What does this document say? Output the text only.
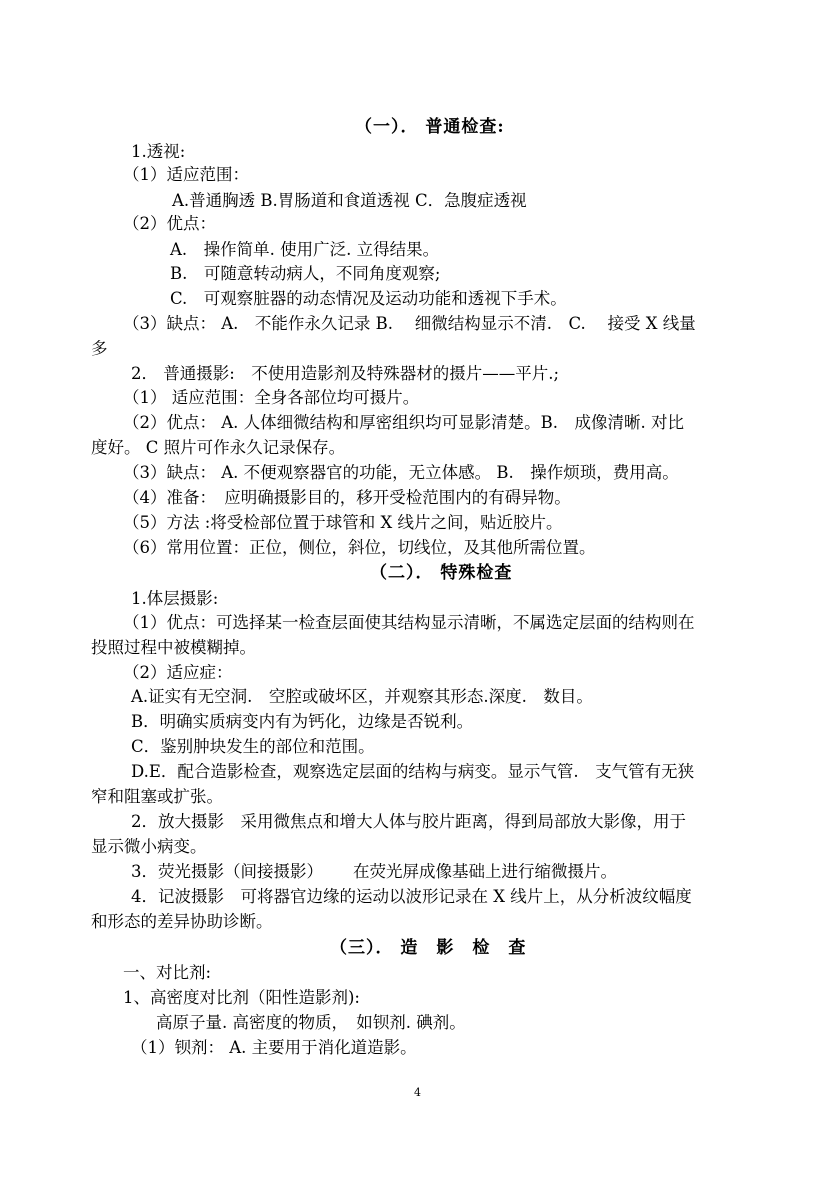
（一）． 普通检查:
1.透视:
（1）适应范围：
A.普通胸透 B.胃肠道和食道透视 C．急腹症透视
（2）优点：
A.　操作简单. 使用广泛. 立得结果。
B.　可随意转动病人，不同角度观察;
C.　可观察脏器的动态情况及运动功能和透视下手术。
（3）缺点： A.　不能作永久记录 B.　 细微结构显示不清.　C.　 接受 X 线量
多
2． 普通摄影:　不使用造影剂及特殊器材的摄片——平片.;
（1） 适应范围：全身各部位均可摄片。
（2）优点： A. 人体细微结构和厚密组织均可显影清楚。B.　成像清晰. 对比
度好。 C 照片可作永久记录保存。
（3）缺点： A. 不便观察器官的功能，无立体感。 B.　操作烦琐，费用高。
（4）准备：　应明确摄影目的，移开受检范围内的有碍异物。
（5）方法 :将受检部位置于球管和 X 线片之间，贴近胶片。
（6）常用位置：正位，侧位，斜位，切线位，及其他所需位置。
（二）． 特殊检查
1.体层摄影:
（1）优点：可选择某一检查层面使其结构显示清晰，不属选定层面的结构则在
投照过程中被模糊掉。
（2）适应症：
A.证实有无空洞.　空腔或破坏区，并观察其形态.深度.　数目。
B．明确实质病变内有为钙化，边缘是否锐利。
C．鉴别肿块发生的部位和范围。
D.E．配合造影检查，观察选定层面的结构与病变。显示气管.　支气管有无狭
窄和阻塞或扩张。
2．放大摄影　采用微焦点和增大人体与胶片距离，得到局部放大影像，用于
显示微小病变。
3．荧光摄影（间接摄影）　　 在荧光屏成像基础上进行缩微摄片。
4．记波摄影　可将器官边缘的运动以波形记录在 X 线片上，从分析波纹幅度
和形态的差异协助诊断。
（三）． 造　影　检　查
一、对比剂:
1、高密度对比剂（阳性造影剂):
高原子量. 高密度的物质，　如钡剂. 碘剂。
（1）钡剂： A. 主要用于消化道造影。
4
